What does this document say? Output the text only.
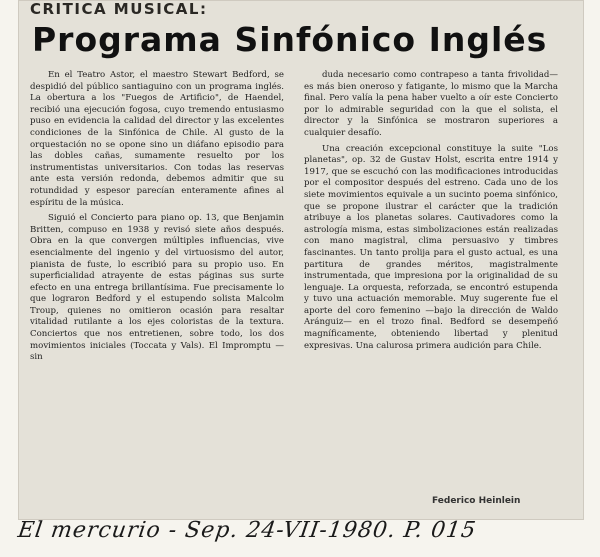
CRITICA MUSICAL:
Programa Sinfónico Inglés

En el Teatro Astor, el maestro Stewart Bedford, se despidió del público santiaguino con un programa inglés. La obertura a los "Fuegos de Artificio", de Haendel, recibió una ejecución fogosa, cuyo tremendo entusiasmo puso en evidencia la calidad del director y las excelentes condiciones de la Sinfónica de Chile. Al gusto de la orquestación no se opone sino un diáfano episodio para las dobles cañas, sumamente resuelto por los instrumentistas universitarios. Con todas las reservas ante esta versión redonda, debemos admitir que su rotundidad y espesor parecían enteramente afines al espíritu de la música.

Siguió el Concierto para piano op. 13, que Benjamin Britten, compuso en 1938 y revisó siete años después. Obra en la que convergen múltiples influencias, vive esencialmente del ingenio y del virtuosismo del autor, pianista de fuste, lo escribió para su propio uso. En superficialidad atrayente de estas páginas sus surte efecto en una entrega brillantísima. Fue precisamente lo que lograron Bedford y el estupendo solista Malcolm Troup, quienes no omitieron ocasión para resaltar vitalidad rutilante a los ejes coloristas de la textura. Conciertos que nos entretienen, sobre todo, los dos movimientos iniciales (Toccata y Vals). El Impromptu —sin

duda necesario como contrapeso a tanta frivolidad— es más bien oneroso y fatigante, lo mismo que la Marcha final. Pero valía la pena haber vuelto a oír este Concierto por lo admirable seguridad con la que el solista, el director y la Sinfónica se mostraron superiores a cualquier desafío.

Una creación excepcional constituye la suite "Los planetas", op. 32 de Gustav Holst, escrita entre 1914 y 1917, que se escuchó con las modificaciones introducidas por el compositor después del estreno. Cada uno de los siete movimientos equivale a un sucinto poema sinfónico, que se propone ilustrar el carácter que la tradición atribuye a los planetas solares. Cautivadores como la astrología misma, estas simbolizaciones están realizadas con mano magistral, clima persuasivo y timbres fascinantes. Un tanto prolija para el gusto actual, es una partitura de grandes méritos, magistralmente instrumentada, que impresiona por la originalidad de su lenguaje. La orquesta, reforzada, se encontró estupenda y tuvo una actuación memorable. Muy sugerente fue el aporte del coro femenino —bajo la dirección de Waldo Aránguiz— en el trozo final. Bedford se desempeñó magníficamente, obteniendo libertad y plenitud expresivas. Una calurosa primera audición para Chile.

Federico Heinlein
El mercurio - Sep. 24-VII-1980. P. 015
